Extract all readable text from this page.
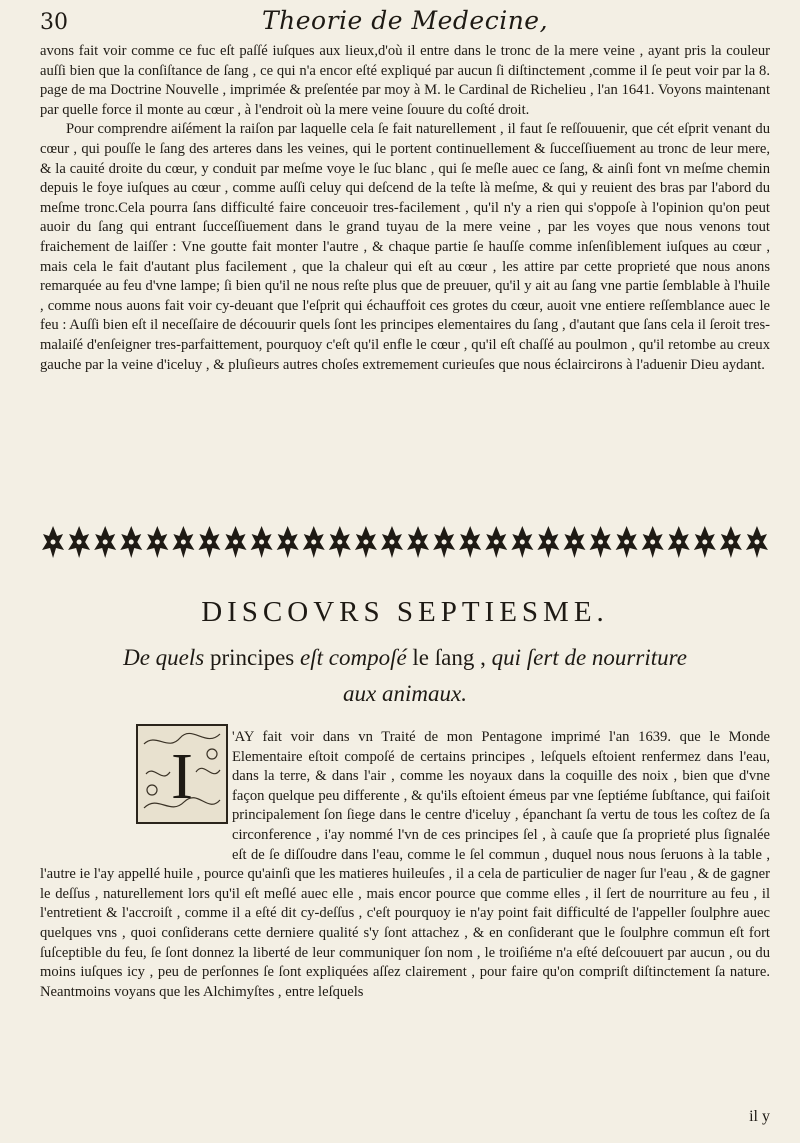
30	Theorie de Medecine,

avons fait voir comme ce fuc eſt paſſé iuſques aux lieux,d'où il entre dans le tronc de la mere veine , ayant pris la couleur auſſi bien que la conſiſtance de ſang , ce qui n'a encor eſté expliqué par aucun ſi diſtinctement ,comme il ſe peut voir par la 8. page de ma Doctrine Nouvelle , imprimée & preſentée par moy à M. le Cardinal de Richelieu , l'an 1641. Voyons maintenant par quelle force il monte au cœur , à l'endroit où la mere veine ſouure du coſté droit.

Pour comprendre aiſément la raiſon par laquelle cela ſe fait naturellement , il faut ſe reſſouuenir, que cét eſprit venant du cœur , qui pouſſe le ſang des arteres dans les veines, qui le portent continuellement & ſucceſſiuement au tronc de leur mere, & la cauité droite du cœur, y conduit par meſme voye le ſuc blanc , qui ſe meſle auec ce ſang, & ainſi font vn meſme chemin depuis le foye iuſques au cœur , comme auſſi celuy qui deſcend de la teſte là meſme, & qui y reuient des bras par l'abord du meſme tronc.Cela pourra ſans difficulté faire conceuoir tres-facilement , qu'il n'y a rien qui s'oppoſe à l'opinion qu'on peut auoir du ſang qui entrant ſucceſſiuement dans le grand tuyau de la mere veine , par les voyes que nous venons tout fraichement de laiſſer : Vne goutte fait monter l'autre , & chaque partie ſe hauſſe comme inſenſiblement iuſques au cœur , mais cela le fait d'autant plus facilement , que la chaleur qui eſt au cœur , les attire par cette proprieté que nous anons remarquée au feu d'vne lampe; ſi bien qu'il ne nous reſte plus que de preuuer, qu'il y ait au ſang vne partie ſemblable à l'huile , comme nous auons fait voir cy-deuant que l'eſprit qui échauffoit ces grotes du cœur, auoit vne entiere reſſemblance auec le feu : Auſſi bien eſt il neceſſaire de découurir quels ſont les principes elementaires du ſang , d'autant que ſans cela il ſeroit tres-malaiſé d'enſeigner tres-parfaittement, pourquoy c'eſt qu'il enfle le cœur , qu'il eſt chaſſé au poulmon , qu'il retombe au creux gauche par la veine d'iceluy , & pluſieurs autres choſes extremement curieuſes que nous éclaircirons à l'aduenir Dieu aydant.

DISCOVRS SEPTIESME.
De quels principes eſt compoſé le ſang , qui ſert de nourriture
aux animaux.
I

'AY fait voir dans vn Traité de mon Pentagone imprimé l'an 1639. que le Monde Elementaire eſtoit compoſé de certains principes , leſquels eſtoient renfermez dans l'eau, dans la terre, & dans l'air , comme les noyaux dans la coquille des noix , bien que d'vne façon quelque peu differente , & qu'ils eſtoient émeus par vne ſeptiéme ſubſtance, qui faiſoit principalement ſon ſiege dans le centre d'iceluy , épanchant ſa vertu de tous les coſtez de ſa circonference , i'ay nommé l'vn de ces principes ſel , à cauſe que ſa proprieté plus ſignalée eſt de ſe diſſoudre dans l'eau, comme le ſel commun , duquel nous nous ſeruons à la table , l'autre ie l'ay appellé huile , pource qu'ainſi que les matieres huileuſes , il a cela de particulier de nager ſur l'eau , & de gagner le deſſus , naturellement lors qu'il eſt meſlé auec elle , mais encor pource que comme elles , il ſert de nourriture au feu , il l'entretient & l'accroiſt , comme il a eſté dit cy-deſſus , c'eſt pourquoy ie n'ay point fait difficulté de l'appeller ſoulphre auec quelques vns , quoi conſiderans cette derniere qualité s'y ſont attachez , & en conſiderant que le ſoulphre commun eſt fort ſuſceptible du feu, ſe ſont donnez la liberté de leur communiquer ſon nom , le troiſiéme n'a eſté deſcouuert par aucun , ou du moins iuſques icy , peu de perſonnes ſe ſont expliquées aſſez clairement , pour faire qu'on compriſt diſtinctement ſa nature. Neantmoins voyans que les Alchimyſtes , entre leſquels

il y
